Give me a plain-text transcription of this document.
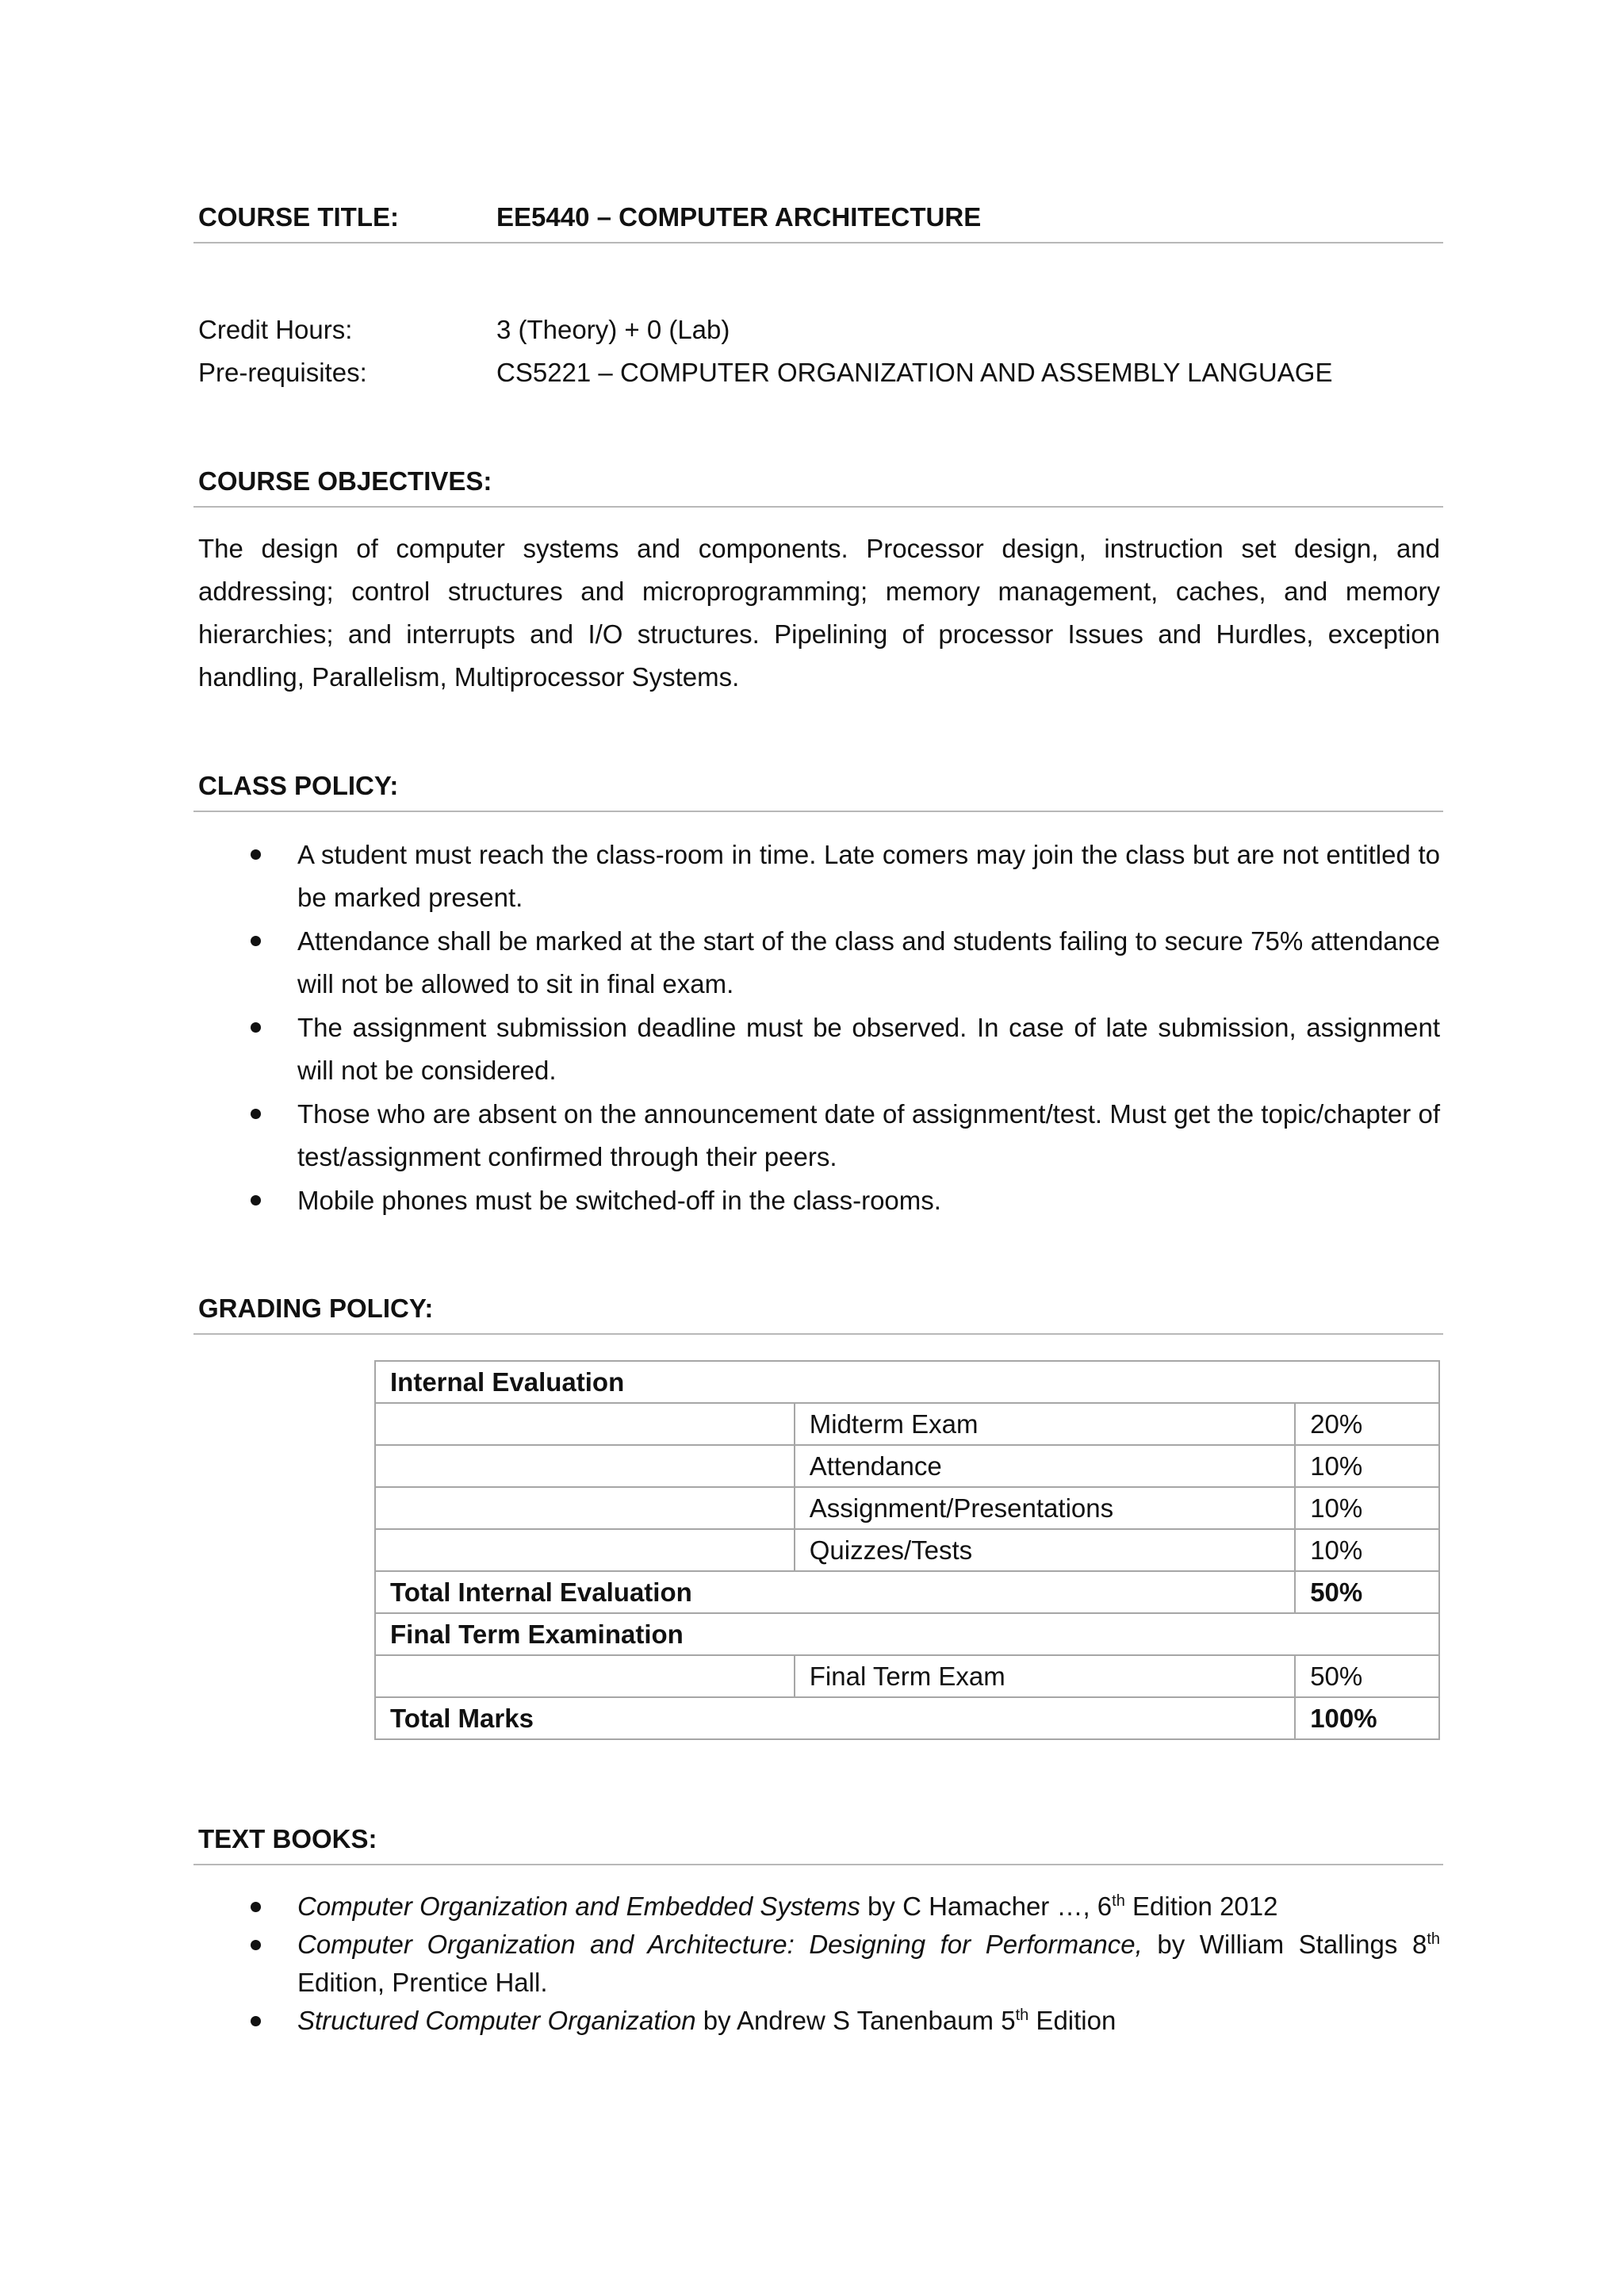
COURSE TITLE:	EE5440 – COMPUTER ARCHITECTURE
Credit Hours:	3 (Theory) + 0 (Lab)
Pre-requisites:	CS5221 – COMPUTER ORGANIZATION AND ASSEMBLY LANGUAGE
COURSE OBJECTIVES:
The design of computer systems and components. Processor design, instruction set design, and addressing; control structures and microprogramming; memory management, caches, and memory hierarchies; and interrupts and I/O structures. Pipelining of processor Issues and Hurdles, exception handling, Parallelism, Multiprocessor Systems.
CLASS POLICY:
A student must reach the class-room in time. Late comers may join the class but are not entitled to be marked present.
Attendance shall be marked at the start of the class and students failing to secure 75% attendance will not be allowed to sit in final exam.
The assignment submission deadline must be observed. In case of late submission, assignment will not be considered.
Those who are absent on the announcement date of assignment/test. Must get the topic/chapter of test/assignment confirmed through their peers.
Mobile phones must be switched-off in the class-rooms.
GRADING POLICY:
Internal Evaluation		
	Midterm Exam	20%
	Attendance	10%
	Assignment/Presentations	10%
	Quizzes/Tests	10%
Total Internal Evaluation		50%
Final Term Examination		
	Final Term Exam	50%
Total Marks		100%
TEXT BOOKS:
Computer Organization and Embedded Systems by C Hamacher …, 6th Edition 2012
Computer Organization and Architecture: Designing for Performance, by William Stallings 8th Edition, Prentice Hall.
Structured Computer Organization by Andrew S Tanenbaum 5th Edition
